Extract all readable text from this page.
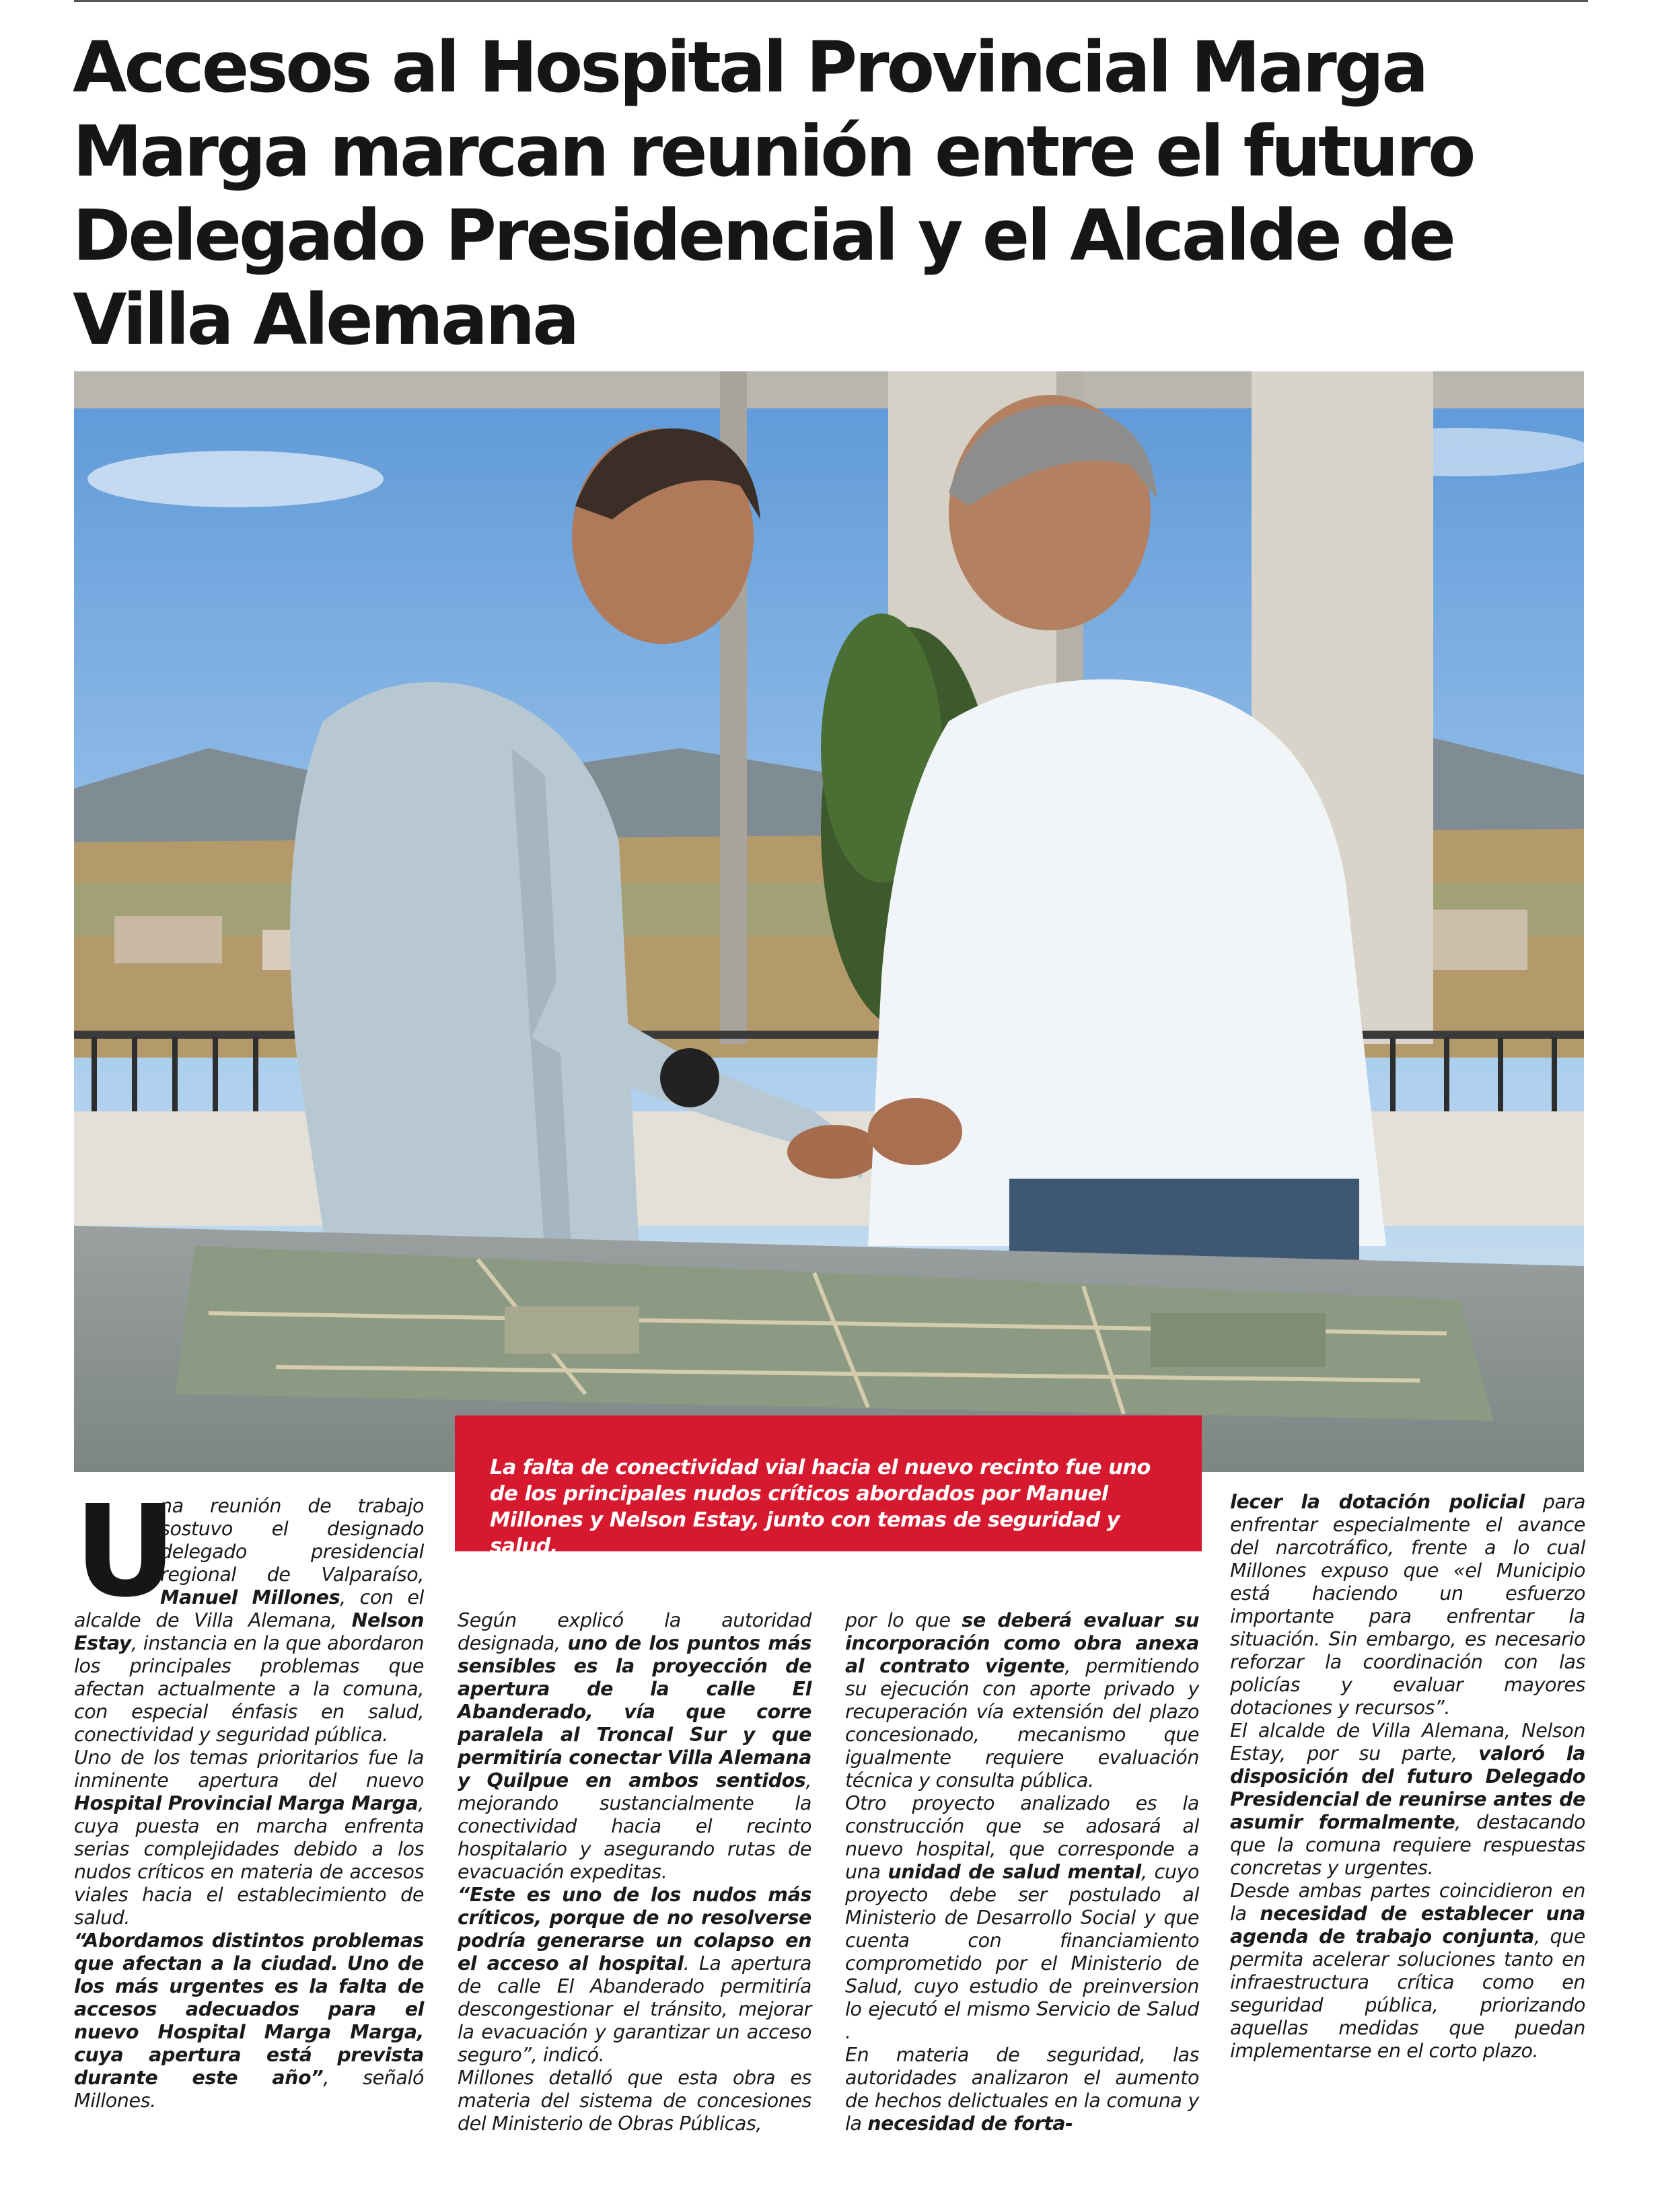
Accesos al Hospital Provincial Marga Marga marcan reunión entre el futuro Delegado Presidencial y el Alcalde de Villa Alemana
La falta de conectividad vial hacia el nuevo recinto fue uno de los principales nudos críticos abordados por Manuel Millones y Nelson Estay, junto con temas de seguridad y salud.

U
na reunión de trabajo sostuvo el designado delegado presidencial regional de Valparaíso, Manuel Millones, con el alcalde de Villa Alemana, Nelson Estay, instancia en la que abordaron los principales problemas que afectan actualmente a la comuna, con especial énfasis en salud, conectividad y seguridad pública.

Uno de los temas prioritarios fue la inminente apertura del nuevo Hospital Provincial Marga Marga, cuya puesta en marcha enfrenta serias complejidades debido a los nudos críticos en materia de accesos viales hacia el establecimiento de salud.

“Abordamos distintos problemas que afectan a la ciudad. Uno de los más urgentes es la falta de accesos adecuados para el nuevo Hospital Marga Marga, cuya apertura está prevista durante este año”, señaló Millones.

Según explicó la autoridad designada, uno de los puntos más sensibles es la proyección de apertura de la calle El Abanderado, vía que corre paralela al Troncal Sur y que permitiría conectar Villa Alemana y Quilpue en ambos sentidos, mejorando sustancialmente la conectividad hacia el recinto hospitalario y asegurando rutas de evacuación expeditas.

“Este es uno de los nudos más críticos, porque de no resolverse podría generarse un colapso en el acceso al hospital. La apertura de calle El Abanderado permitiría descongestionar el tránsito, mejorar la evacuación y garantizar un acceso seguro”, indicó.

Millones detalló que esta obra es materia del sistema de concesiones del Ministerio de Obras Públicas,

por lo que se deberá evaluar su incorporación como obra anexa al contrato vigente, permitiendo su ejecución con aporte privado y recuperación vía extensión del plazo concesionado, mecanismo que igualmente requiere evaluación técnica y consulta pública.

Otro proyecto analizado es la construcción que se adosará al nuevo hospital, que corresponde a una unidad de salud mental, cuyo proyecto debe ser postulado al Ministerio de Desarrollo Social y que cuenta con financiamiento comprometido por el Ministerio de Salud, cuyo estudio de preinversion lo ejecutó el mismo Servicio de Salud .

En materia de seguridad, las autoridades analizaron el aumento de hechos delictuales en la comuna y la necesidad de forta-

lecer la dotación policial para enfrentar especialmente el avance del narcotráfico, frente a lo cual Millones expuso que «el Municipio está haciendo un esfuerzo importante para enfrentar la situación. Sin embargo, es necesario reforzar la coordinación con las policías y evaluar mayores dotaciones y recursos”.

El alcalde de Villa Alemana, Nelson Estay, por su parte, valoró la disposición del futuro Delegado Presidencial de reunirse antes de asumir formalmente, destacando que la comuna requiere respuestas concretas y urgentes.

Desde ambas partes coincidieron en la necesidad de establecer una agenda de trabajo conjunta, que permita acelerar soluciones tanto en infraestructura crítica como en seguridad pública, priorizando aquellas medidas que puedan implementarse en el corto plazo.
